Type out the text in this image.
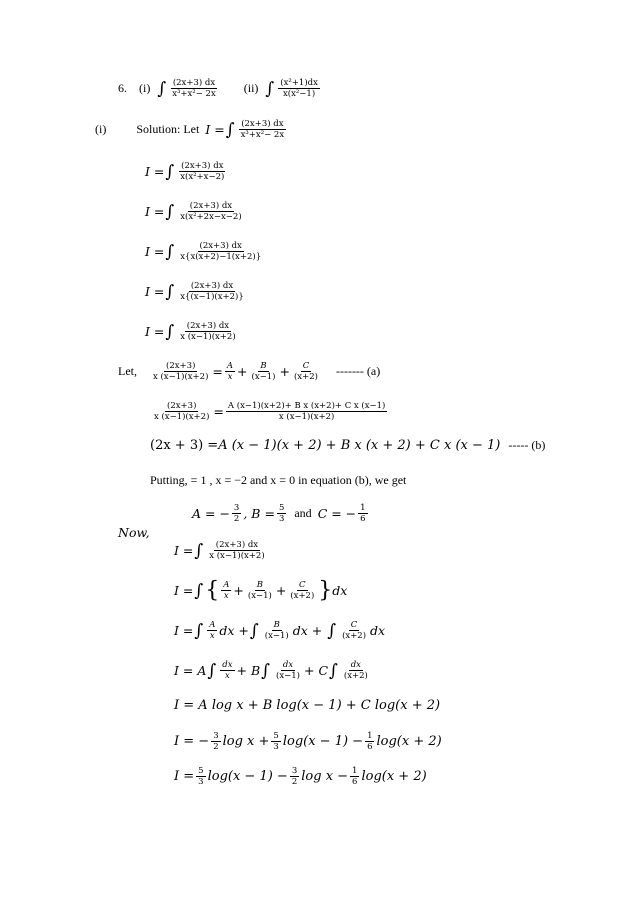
6. (i) ∫ $\frac{(2x+3) dx}{\text{x³+x²− 2x}} (ii)$ ∫ $\frac{\text{(x²+1)dx}}{\text{x(x²−1)}}$
(i)	Solution: Let I = ∫ $\frac{(2x+3) dx}{\text{x³+x²− 2x}}$
I = ∫ $\frac{(2x+3) dx}{\text{x(x²+x−2)}}$
I = ∫ $\frac{(2x+3) dx}{\text{x(x²+2x−x−2)}}$
I = ∫ $\frac{(2x+3) dx}{x\{x(x+2)-1(x+2)\}}$
I = ∫ $\frac{(2x+3) dx}{x\{(x-1)(x+2)\}}$
I = ∫ $\frac{(2x+3) dx}{x (x-1)(x+2)}$
Let, $\frac{(2x+3)}{x (x-1)(x+2)} = \frac{A}{x} + \frac{B}{(x-1)} + \frac{C}{(x+2)}$ ------- (a)
$\frac{(2x+3)}{x (x-1)(x+2)} = \frac{\text{A (x−1)(x+2)+ B x (x+2)+ C x (x−1)}}{x (x-1)(x+2)}$
(2x + 3) = A (x − 1)(x + 2) + B x (x + 2) + C x (x − 1) ----- (b)
Putting, = 1 , x = −2 and x = 0 in equation (b), we get
A = − $\frac{3}{2}$ , $B = \frac{5}{3}$ and C = − $\frac{1}{6}$
Now,
I = ∫ $\frac{(2x+3) dx}{x (x-1)(x+2)}$
I = ∫ { $\frac{A}{x} + \frac{B}{(x-1)} + \frac{C}{(x+2)}$ } dx
I = ∫ $\frac{A}{x}$ dx + ∫ $\frac{B}{(x-1)}$ dx + ∫ $\frac{C}{(x+2)}$ dx
I = A ∫ $\frac{dx}{x} + B$ ∫ $\frac{dx}{(x-1)} + C$ ∫ $\frac{dx}{(x+2)}$
I = A log x + B log(x − 1) + C log(x + 2)
I = − $\frac{3}{2}$ $\log x + \frac{5}{3} \log(x - 1) - \frac{1}{6} \log(x + 2)$
$I = \frac{5}{3} \log(x - 1) - \frac{3}{2}$ $\log x - \frac{1}{6} \log(x + 2)$
